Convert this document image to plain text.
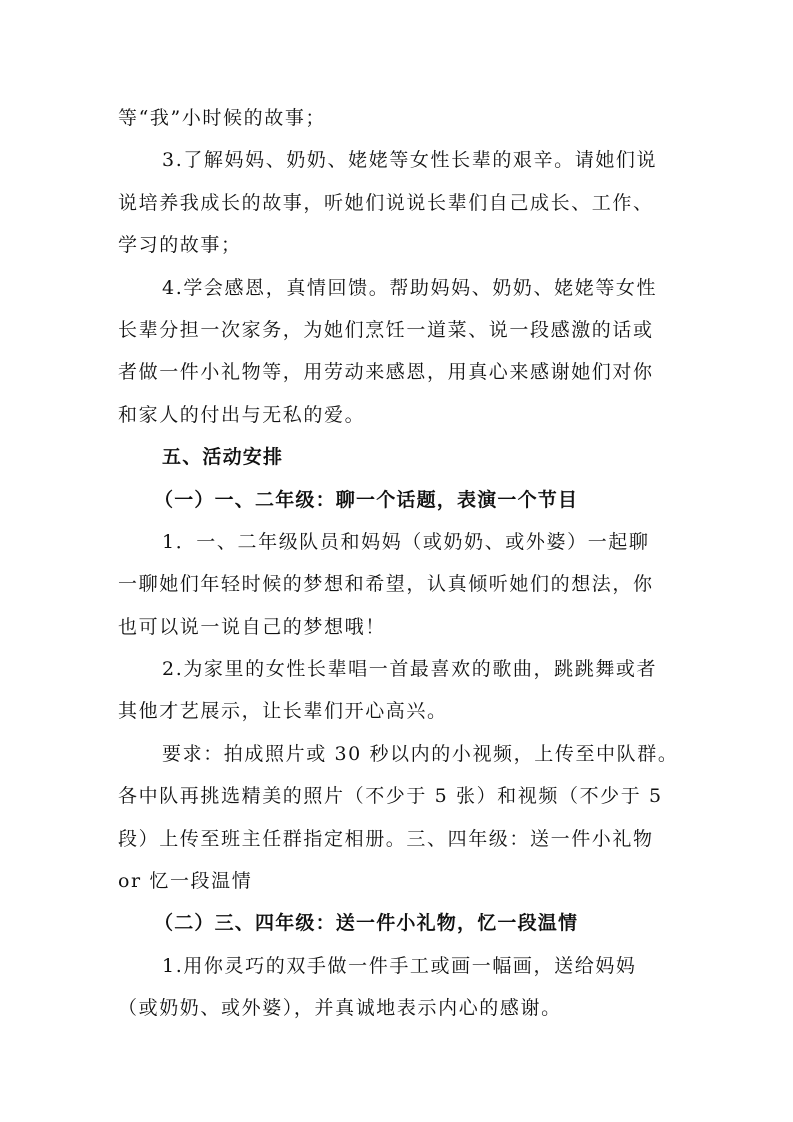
等“我”小时候的故事；
3.了解妈妈、奶奶、姥姥等女性长辈的艰辛。请她们说
说培养我成长的故事，听她们说说长辈们自己成长、工作、
学习的故事；
4.学会感恩，真情回馈。帮助妈妈、奶奶、姥姥等女性
长辈分担一次家务，为她们烹饪一道菜、说一段感激的话或
者做一件小礼物等，用劳动来感恩，用真心来感谢她们对你
和家人的付出与无私的爱。
五、活动安排
（一）一、二年级：聊一个话题，表演一个节目
1．一、二年级队员和妈妈（或奶奶、或外婆）一起聊
一聊她们年轻时候的梦想和希望，认真倾听她们的想法，你
也可以说一说自己的梦想哦！
2.为家里的女性长辈唱一首最喜欢的歌曲，跳跳舞或者
其他才艺展示，让长辈们开心高兴。
要求：拍成照片或 30 秒以内的小视频，上传至中队群。
各中队再挑选精美的照片（不少于 5 张）和视频（不少于 5
段）上传至班主任群指定相册。三、四年级：送一件小礼物
or 忆一段温情
（二）三、四年级：送一件小礼物，忆一段温情
1.用你灵巧的双手做一件手工或画一幅画，送给妈妈
（或奶奶、或外婆），并真诚地表示内心的感谢。
